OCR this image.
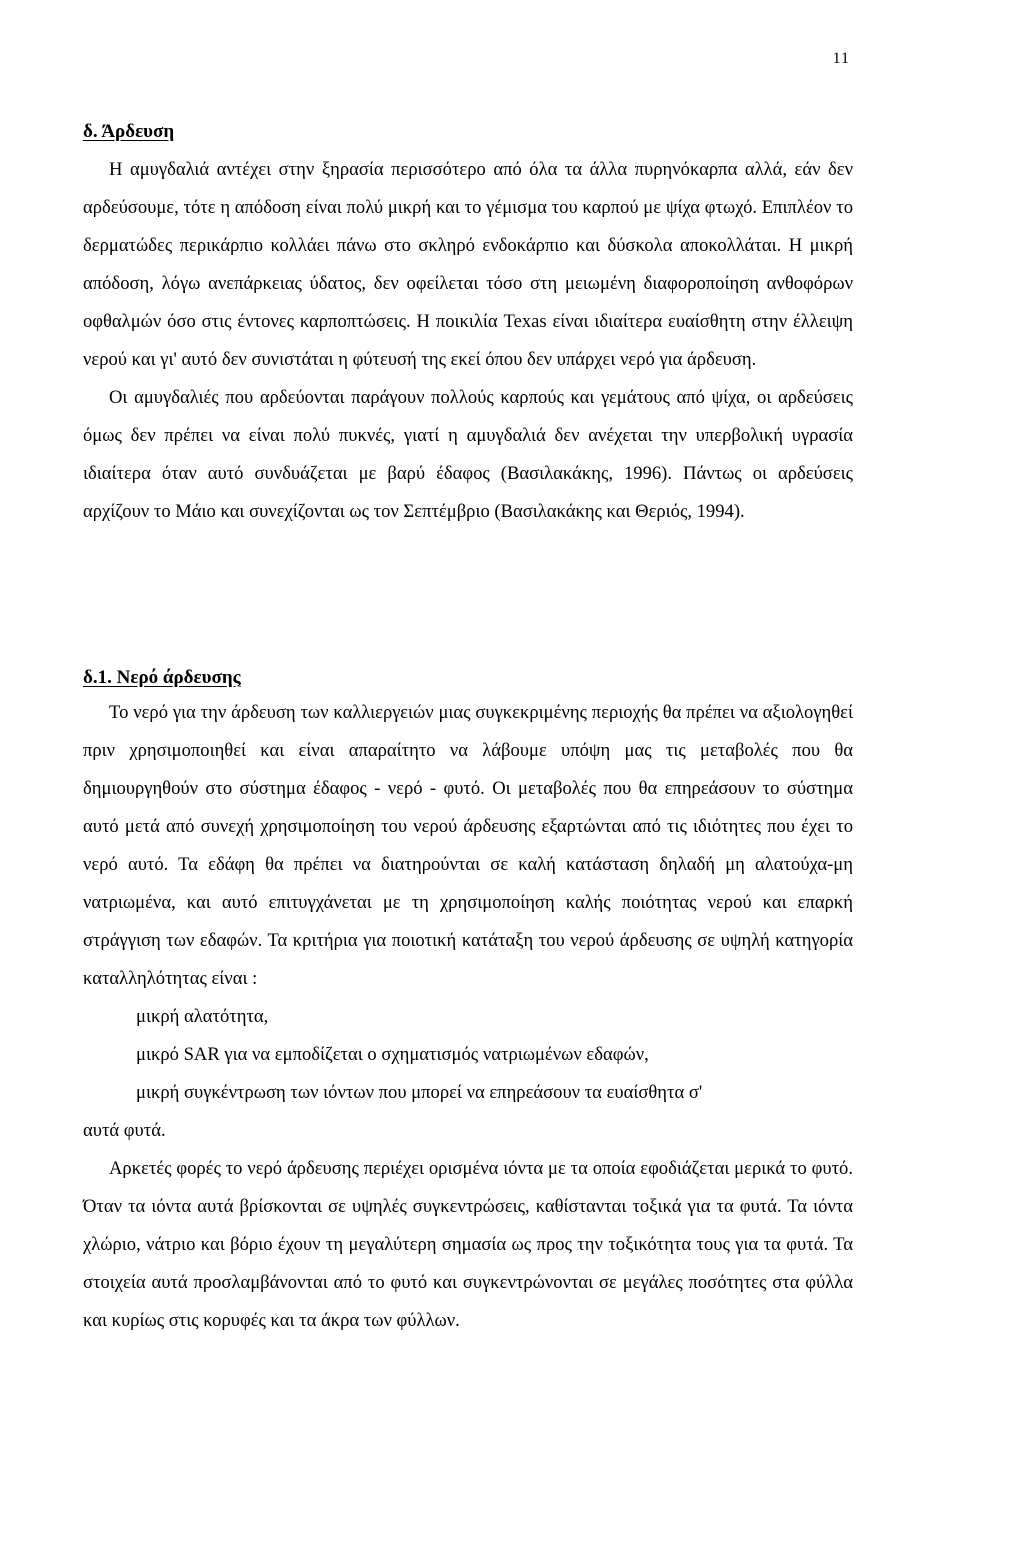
11
δ. Άρδευση

Η αμυγδαλιά αντέχει στην ξηρασία περισσότερο από όλα τα άλλα πυρηνόκαρπα αλλά, εάν δεν αρδεύσουμε, τότε η απόδοση είναι πολύ μικρή και το γέμισμα του καρπού με ψίχα φτωχό. Επιπλέον το δερματώδες περικάρπιο κολλάει πάνω στο σκληρό ενδοκάρπιο και δύσκολα αποκολλάται. Η μικρή απόδοση, λόγω ανεπάρκειας ύδατος, δεν οφείλεται τόσο στη μειωμένη διαφοροποίηση ανθοφόρων οφθαλμών όσο στις έντονες καρποπτώσεις. Η ποικιλία Texas είναι ιδιαίτερα ευαίσθητη στην έλλειψη νερού και γι' αυτό δεν συνιστάται η φύτευσή της εκεί όπου δεν υπάρχει νερό για άρδευση.

Οι αμυγδαλιές που αρδεύονται παράγουν πολλούς καρπούς και γεμάτους από ψίχα, οι αρδεύσεις όμως δεν πρέπει να είναι πολύ πυκνές, γιατί η αμυγδαλιά δεν ανέχεται την υπερβολική υγρασία ιδιαίτερα όταν αυτό συνδυάζεται με βαρύ έδαφος (Βασιλακάκης, 1996). Πάντως οι αρδεύσεις αρχίζουν το Μάιο και συνεχίζονται ως τον Σεπτέμβριο (Βασιλακάκης και Θεριός, 1994).

δ.1. Νερό άρδευσης

Το νερό για την άρδευση των καλλιεργειών μιας συγκεκριμένης περιοχής θα πρέπει να αξιολογηθεί πριν χρησιμοποιηθεί και είναι απαραίτητο να λάβουμε υπόψη μας τις μεταβολές που θα δημιουργηθούν στο σύστημα έδαφος - νερό - φυτό. Οι μεταβολές που θα επηρεάσουν το σύστημα αυτό μετά από συνεχή χρησιμοποίηση του νερού άρδευσης εξαρτώνται από τις ιδιότητες που έχει το νερό αυτό. Τα εδάφη θα πρέπει να διατηρούνται σε καλή κατάσταση δηλαδή μη αλατούχα-μη νατριωμένα, και αυτό επιτυγχάνεται με τη χρησιμοποίηση καλής ποιότητας νερού και επαρκή στράγγιση των εδαφών. Τα κριτήρια για ποιοτική κατάταξη του νερού άρδευσης σε υψηλή κατηγορία καταλληλότητας είναι :

μικρή αλατότητα,
μικρό SAR για να εμποδίζεται ο σχηματισμός νατριωμένων εδαφών,
μικρή συγκέντρωση των ιόντων που μπορεί να επηρεάσουν τα ευαίσθητα σ'

αυτά φυτά.

Αρκετές φορές το νερό άρδευσης περιέχει ορισμένα ιόντα με τα οποία εφοδιάζεται μερικά το φυτό. Όταν τα ιόντα αυτά βρίσκονται σε υψηλές συγκεντρώσεις, καθίστανται τοξικά για τα φυτά. Τα ιόντα χλώριο, νάτριο και βόριο έχουν τη μεγαλύτερη σημασία ως προς την τοξικότητα τους για τα φυτά. Τα στοιχεία αυτά προσλαμβάνονται από το φυτό και συγκεντρώνονται σε μεγάλες ποσότητες στα φύλλα και κυρίως στις κορυφές και τα άκρα των φύλλων.
